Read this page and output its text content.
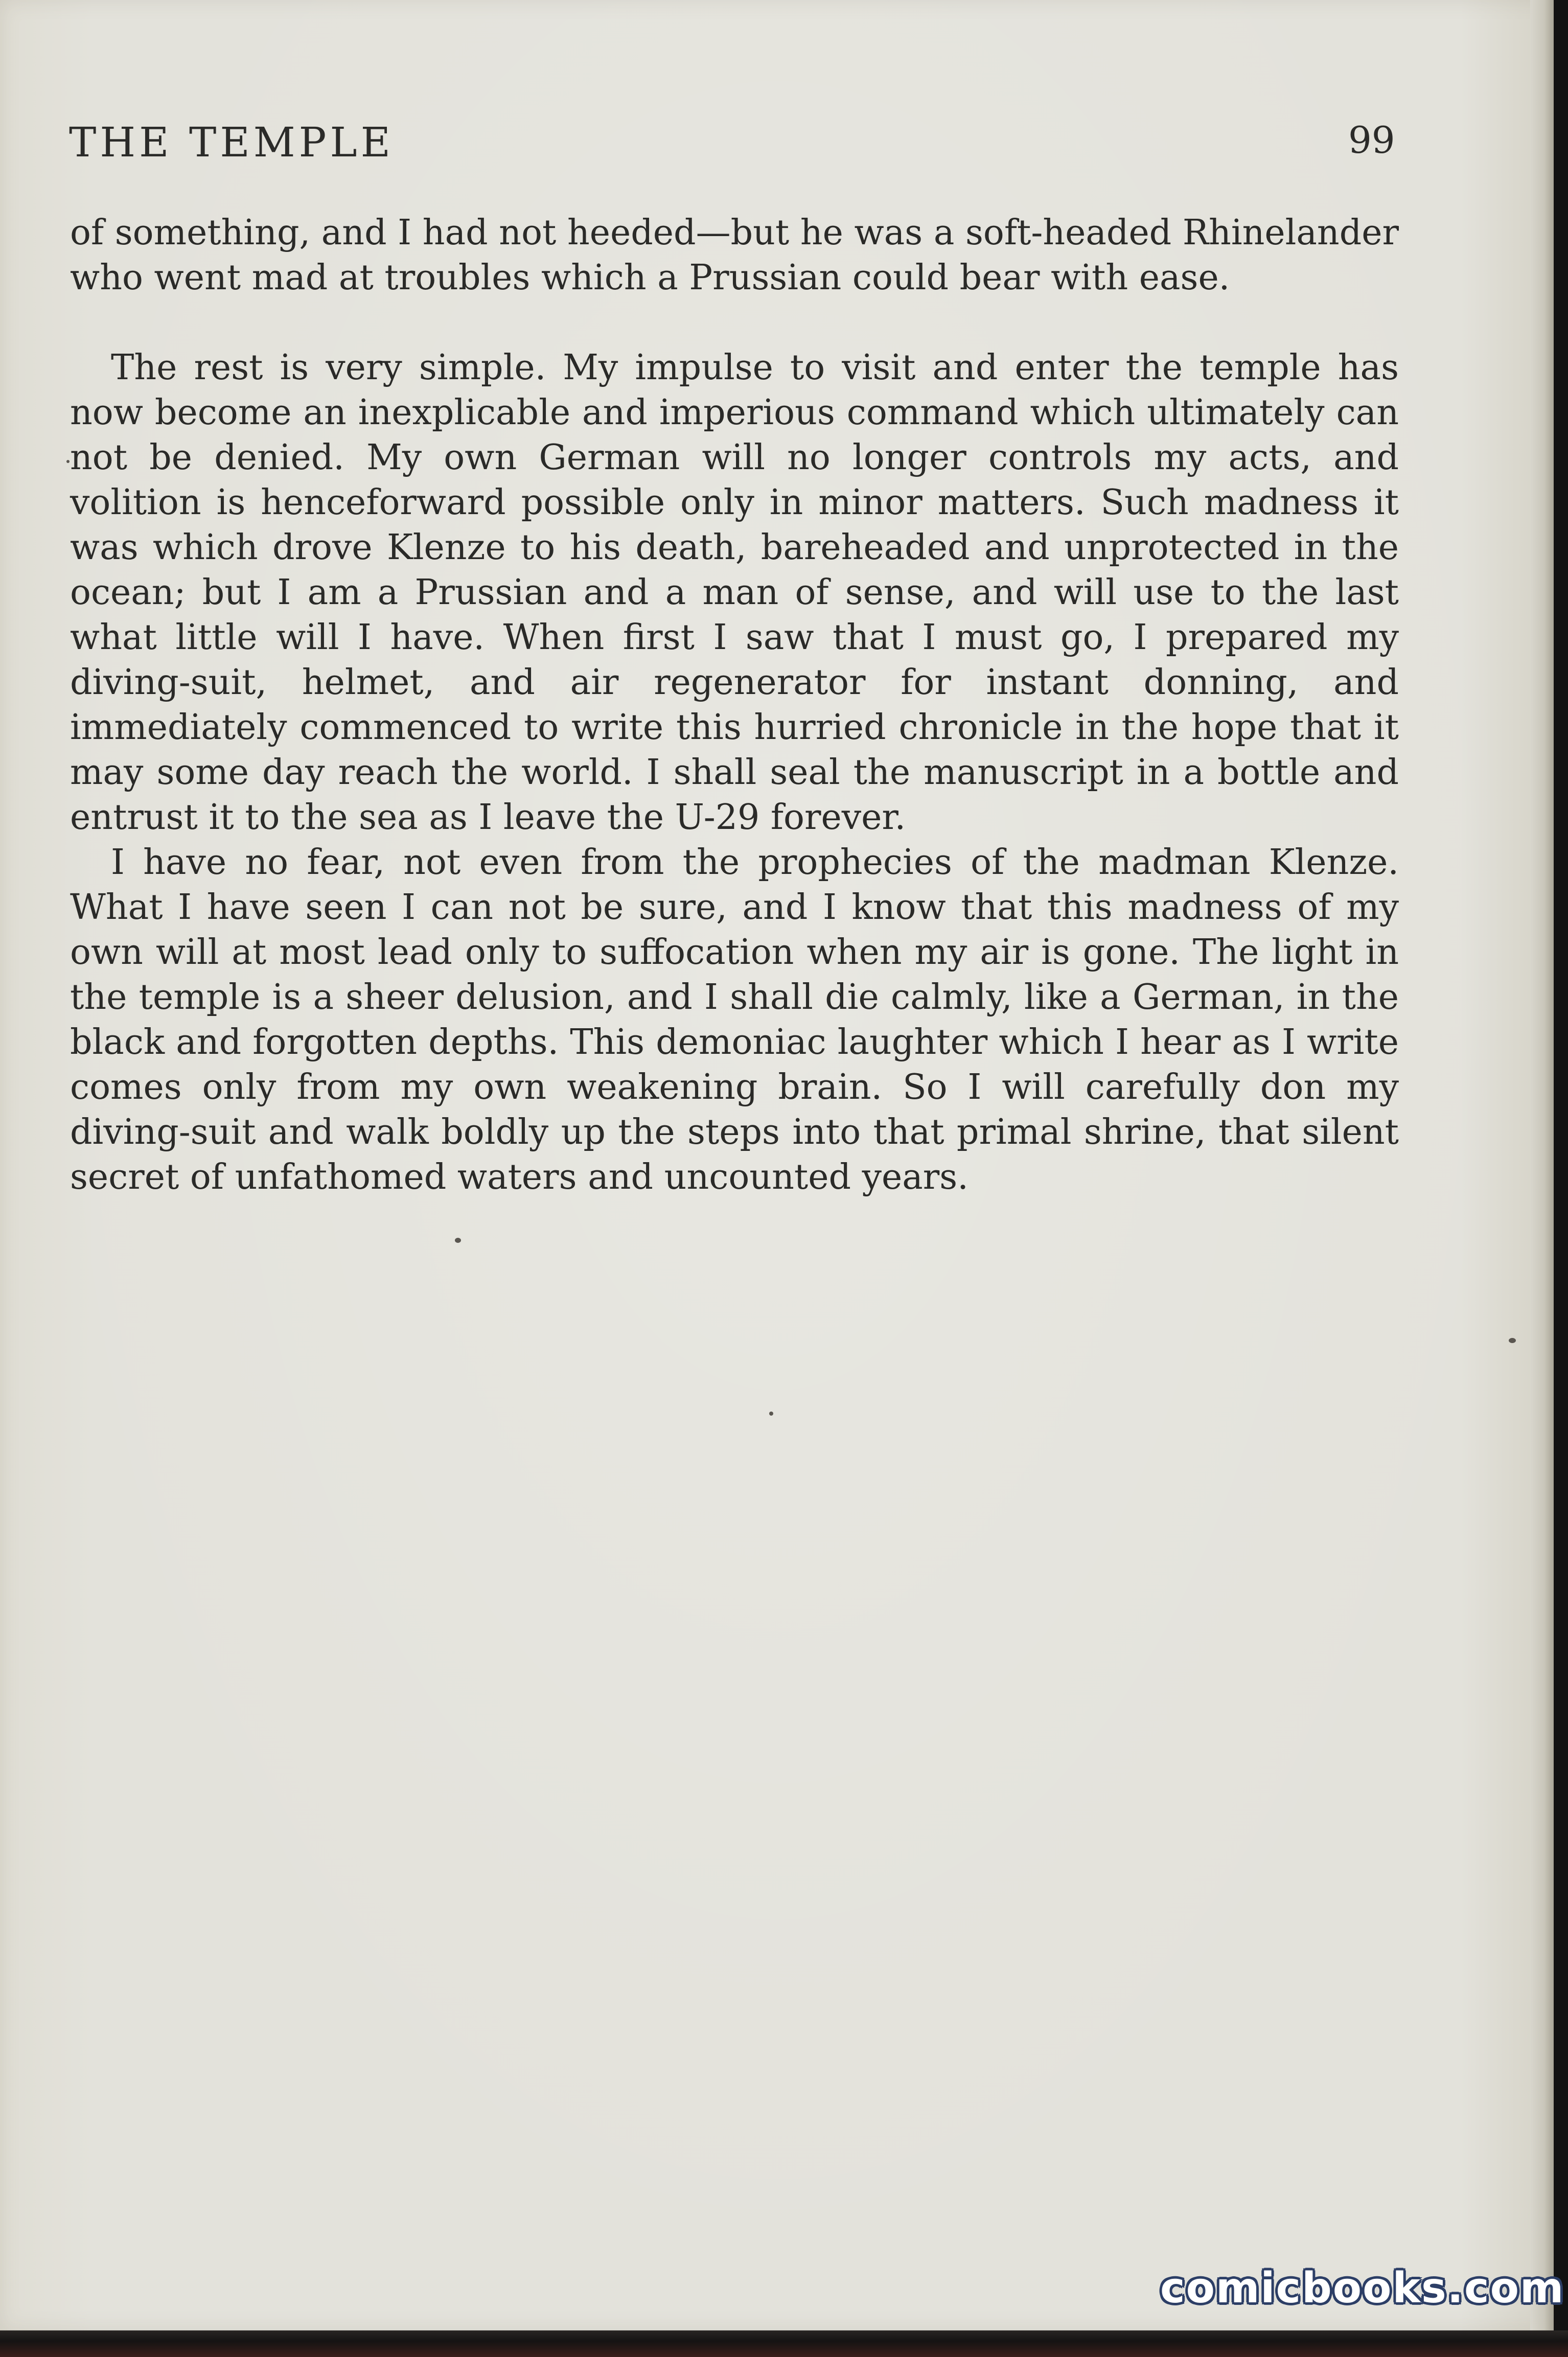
THE TEMPLE	99

of something, and I had not heeded—but he was a soft-headed Rhinelander who went mad at troubles which a Prussian could bear with ease.

The rest is very simple. My impulse to visit and enter the temple has now become an inexplicable and imperious command which ultimately can not be denied. My own German will no longer controls my acts, and volition is henceforward possible only in minor matters. Such madness it was which drove Klenze to his death, bareheaded and unprotected in the ocean; but I am a Prussian and a man of sense, and will use to the last what little will I have. When first I saw that I must go, I prepared my diving-suit, helmet, and air regenerator for instant donning, and immediately commenced to write this hurried chronicle in the hope that it may some day reach the world. I shall seal the manuscript in a bottle and entrust it to the sea as I leave the U-29 forever.

I have no fear, not even from the prophecies of the madman Klenze. What I have seen I can not be sure, and I know that this madness of my own will at most lead only to suffocation when my air is gone. The light in the temple is a sheer delusion, and I shall die calmly, like a German, in the black and forgotten depths. This demoniac laughter which I hear as I write comes only from my own weakening brain. So I will carefully don my diving-suit and walk boldly up the steps into that primal shrine, that silent secret of unfathomed waters and uncounted years.

comicbooks.com
